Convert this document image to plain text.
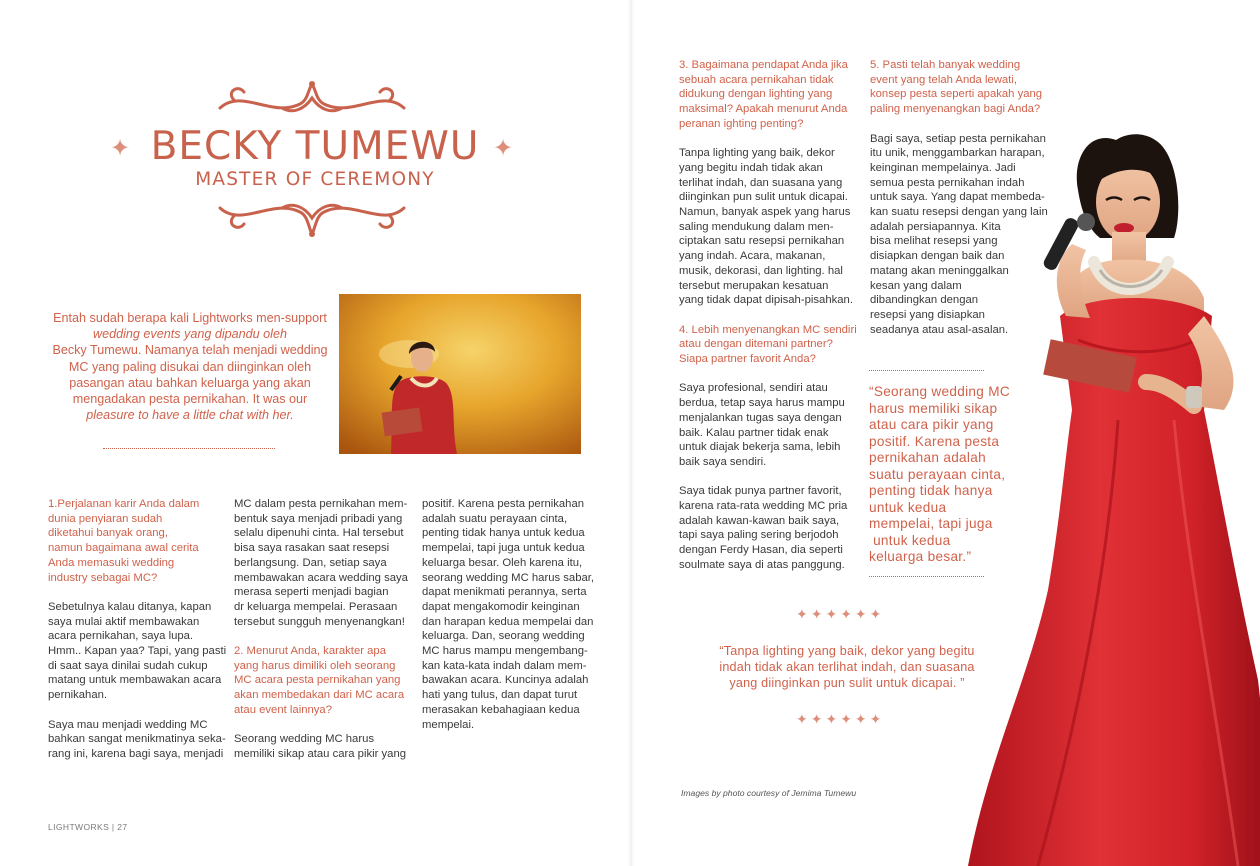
✦ BECKY TUMEWU ✦
MASTER OF CEREMONY
Entah sudah berapa kali Lightworks men-support
wedding events yang dipandu oleh
Becky Tumewu. Namanya telah menjadi wedding
MC yang paling disukai dan diinginkan oleh
pasangan atau bahkan keluarga yang akan
mengadakan pesta pernikahan. It was our
pleasure to have a little chat with her.

1.Perjalanan karir Anda dalam
dunia penyiaran sudah
diketahui banyak orang,
namun bagaimana awal cerita
Anda memasuki wedding
industry sebagai MC?

Sebetulnya kalau ditanya, kapan
saya mulai aktif membawakan
acara pernikahan, saya lupa.
Hmm.. Kapan yaa? Tapi, yang pasti
di saat saya dinilai sudah cukup
matang untuk membawakan acara
pernikahan.

Saya mau menjadi wedding MC
bahkan sangat menikmatinya seka-
rang ini, karena bagi saya, menjadi

MC dalam pesta pernikahan mem-
bentuk saya menjadi pribadi yang
selalu dipenuhi cinta. Hal tersebut
bisa saya rasakan saat resepsi
berlangsung. Dan, setiap saya
membawakan acara wedding saya
merasa seperti menjadi bagian
dr keluarga mempelai. Perasaan
tersebut sungguh menyenangkan!

2. Menurut Anda, karakter apa
yang harus dimiliki oleh seorang
MC acara pesta pernikahan yang
akan membedakan dari MC acara
atau event lainnya?

Seorang wedding MC harus
memiliki sikap atau cara pikir yang

positif. Karena pesta pernikahan
adalah suatu perayaan cinta,
penting tidak hanya untuk kedua
mempelai, tapi juga untuk kedua
keluarga besar. Oleh karena itu,
seorang wedding MC harus sabar,
dapat menikmati perannya, serta
dapat mengakomodir keinginan
dan harapan kedua mempelai dan
keluarga. Dan, seorang wedding
MC harus mampu mengembang-
kan kata-kata indah dalam mem-
bawakan acara. Kuncinya adalah
hati yang tulus, dan dapat turut
merasakan kebahagiaan kedua
mempelai.

LIGHTWORKS | 27

3. Bagaimana pendapat Anda jika
sebuah acara pernikahan tidak
didukung dengan lighting yang
maksimal? Apakah menurut Anda
peranan ighting penting?

Tanpa lighting yang baik, dekor
yang begitu indah tidak akan
terlihat indah, dan suasana yang
diinginkan pun sulit untuk dicapai.
Namun, banyak aspek yang harus
saling mendukung dalam men-
ciptakan satu resepsi pernikahan
yang indah. Acara, makanan,
musik, dekorasi, dan lighting. hal
tersebut merupakan kesatuan
yang tidak dapat dipisah-pisahkan.

4. Lebih menyenangkan MC sendiri
atau dengan ditemani partner?
Siapa partner favorit Anda?

Saya profesional, sendiri atau
berdua, tetap saya harus mampu
menjalankan tugas saya dengan
baik. Kalau partner tidak enak
untuk diajak bekerja sama, lebih
baik saya sendiri.

Saya tidak punya partner favorit,
karena rata-rata wedding MC pria
adalah kawan-kawan baik saya,
tapi saya paling sering berjodoh
dengan Ferdy Hasan, dia seperti
soulmate saya di atas panggung.

5. Pasti telah banyak wedding
event yang telah Anda lewati,
konsep pesta seperti apakah yang
paling menyenangkan bagi Anda?

Bagi saya, setiap pesta pernikahan
itu unik, menggambarkan harapan,
keinginan mempelainya. Jadi
semua pesta pernikahan indah
untuk saya. Yang dapat membeda-
kan suatu resepsi dengan yang lain
adalah persiapannya. Kita
bisa melihat resepsi yang
disiapkan dengan baik dan
matang akan meninggalkan
kesan yang dalam
dibandingkan dengan
resepsi yang disiapkan
seadanya atau asal-asalan.

“Seorang wedding MC
harus memiliki sikap
atau cara pikir yang
positif. Karena pesta
pernikahan adalah
suatu perayaan cinta,
penting tidak hanya
untuk kedua
mempelai, tapi juga
untuk kedua
keluarga besar.”
✦✦✦✦✦✦
“Tanpa lighting yang baik, dekor yang begitu
indah tidak akan terlihat indah, dan suasana
yang diinginkan pun sulit untuk dicapai. ”
✦✦✦✦✦✦
Images by photo courtesy of Jemima Tumewu
